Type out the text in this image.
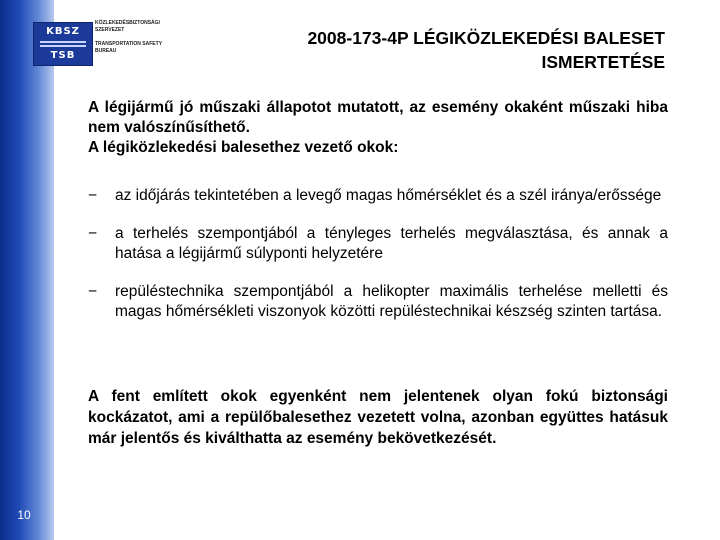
10
KBSZ
TSB
KÖZLEKEDÉSBIZTONSÁGI
SZERVEZET
TRANSPORTATION SAFETY
BUREAU
2008-173-4P LÉGIKÖZLEKEDÉSI BALESET
ISMERTETÉSE

A légijármű jó műszaki állapotot mutatott, az esemény okaként műszaki hiba nem valószínűsíthető.

A légiközlekedési balesethez vezető okok:

− az időjárás tekintetében a levegő magas hőmérséklet és a szél iránya/erőssége
− a terhelés szempontjából a tényleges terhelés megválasztása, és annak a hatása a légijármű súlyponti helyzetére
− repüléstechnika szempontjából a helikopter maximális terhelése melletti és magas hőmérsékleti viszonyok közötti repüléstechnikai készség szinten tartása.
A fent említett okok egyenként nem jelentenek olyan fokú biztonsági kockázatot, ami a repülőbalesethez vezetett volna, azonban együttes hatásuk már jelentős és kiválthatta az esemény bekövetkezését.
